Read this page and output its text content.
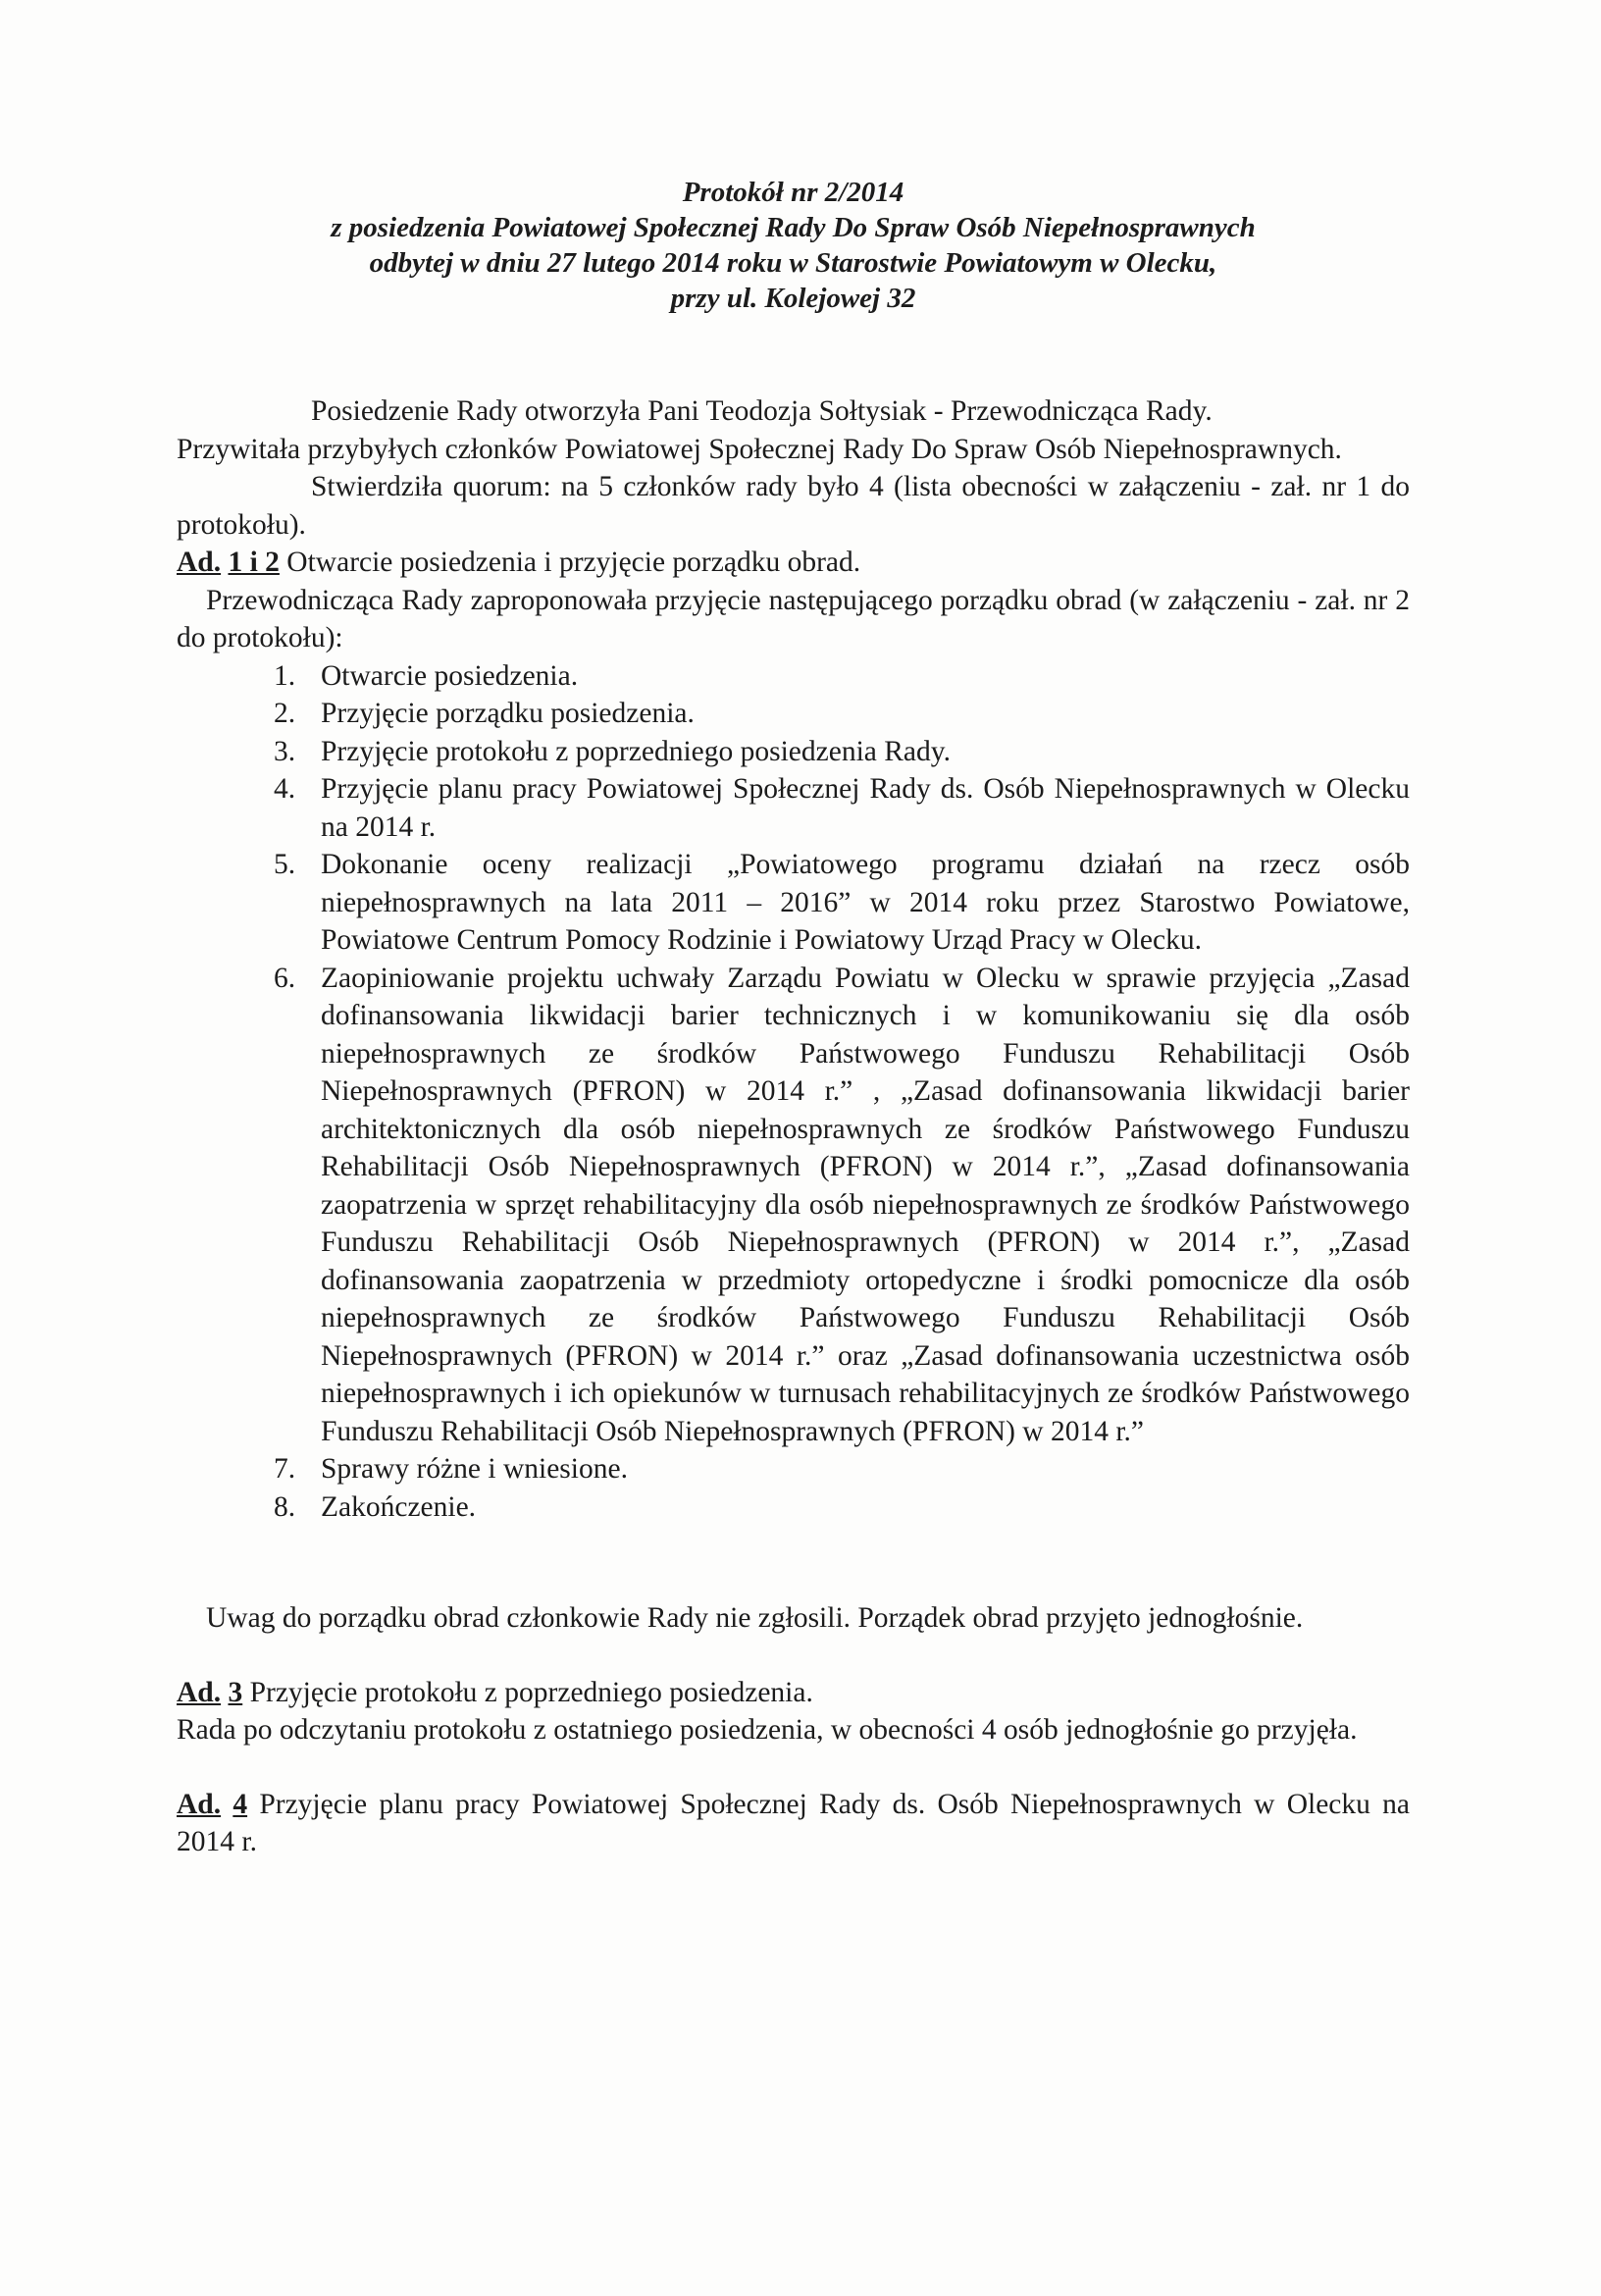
Protokół nr 2/2014
z posiedzenia Powiatowej Społecznej Rady Do Spraw Osób Niepełnosprawnych
odbytej w dniu 27 lutego 2014 roku w Starostwie Powiatowym w Olecku,
przy ul. Kolejowej 32

Posiedzenie Rady otworzyła Pani Teodozja Sołtysiak - Przewodnicząca Rady.

Przywitała przybyłych członków Powiatowej Społecznej Rady Do Spraw Osób Niepełnosprawnych.

Stwierdziła quorum: na 5 członków rady było 4 (lista obecności w załączeniu - zał. nr 1 do protokołu).

Ad. 1 i 2 Otwarcie posiedzenia i przyjęcie porządku obrad.

Przewodnicząca Rady zaproponowała przyjęcie następującego porządku obrad (w załączeniu - zał. nr 2 do protokołu):

1. Otwarcie posiedzenia.
2. Przyjęcie porządku posiedzenia.
3. Przyjęcie protokołu z poprzedniego posiedzenia Rady.
4. Przyjęcie planu pracy Powiatowej Społecznej Rady ds. Osób Niepełnosprawnych w Olecku na 2014 r.
5. Dokonanie oceny realizacji „Powiatowego programu działań na rzecz osób niepełnosprawnych na lata 2011 – 2016” w 2014 roku przez Starostwo Powiatowe, Powiatowe Centrum Pomocy Rodzinie i Powiatowy Urząd Pracy w Olecku.
6. Zaopiniowanie projektu uchwały Zarządu Powiatu w Olecku w sprawie przyjęcia „Zasad dofinansowania likwidacji barier technicznych i w komunikowaniu się dla osób niepełnosprawnych ze środków Państwowego Funduszu Rehabilitacji Osób Niepełnosprawnych (PFRON) w 2014 r.” , „Zasad dofinansowania likwidacji barier architektonicznych dla osób niepełnosprawnych ze środków Państwowego Funduszu Rehabilitacji Osób Niepełnosprawnych (PFRON) w 2014 r.”, „Zasad dofinansowania zaopatrzenia w sprzęt rehabilitacyjny dla osób niepełnosprawnych ze środków Państwowego Funduszu Rehabilitacji Osób Niepełnosprawnych (PFRON) w 2014 r.”, „Zasad dofinansowania zaopatrzenia w przedmioty ortopedyczne i środki pomocnicze dla osób niepełnosprawnych ze środków Państwowego Funduszu Rehabilitacji Osób Niepełnosprawnych (PFRON) w 2014 r.” oraz „Zasad dofinansowania uczestnictwa osób niepełnosprawnych i ich opiekunów w turnusach rehabilitacyjnych ze środków Państwowego Funduszu Rehabilitacji Osób Niepełnosprawnych (PFRON) w 2014 r.”
7. Sprawy różne i wniesione.
8. Zakończenie.

Uwag do porządku obrad członkowie Rady nie zgłosili. Porządek obrad przyjęto jednogłośnie.

Ad. 3 Przyjęcie protokołu z poprzedniego posiedzenia.

Rada po odczytaniu protokołu z ostatniego posiedzenia, w obecności 4 osób jednogłośnie go przyjęła.

Ad. 4 Przyjęcie planu pracy Powiatowej Społecznej Rady ds. Osób Niepełnosprawnych w Olecku na 2014 r.
